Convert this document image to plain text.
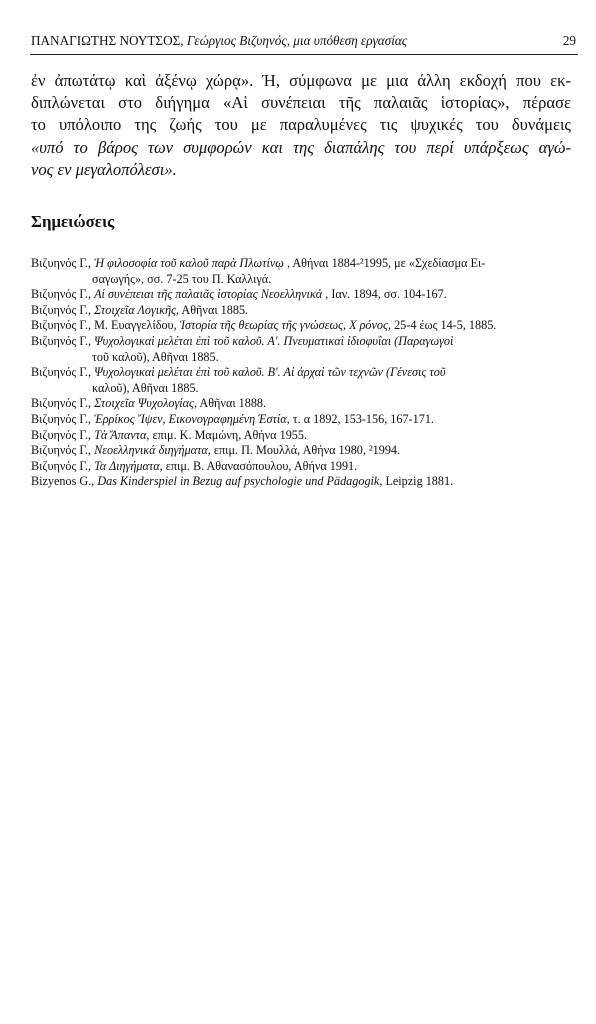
ΠΑΝΑΓΙΩΤΗΣ ΝΟΥΤΣΟΣ, Γεώργιος Βιζυηνός, μια υπόθεση εργασίας	29
ἐν ἀπωτάτῳ καὶ ἀξένῳ χώρᾳ». Ή, σύμφωνα με μια άλλη εκδοχή που εκ-
διπλώνεται στο διήγημα «Αἱ συνέπειαι τῆς παλαιᾶς ἱστορίας», πέρασε
το υπόλοιπο της ζωής του με παραλυμένες τις ψυχικές του δυνάμεις
«υπό το βάρος των συμφορών και της διαπάλης του περί υπάρξεως αγώ-
νος εν μεγαλοπόλεσι».
Σημειώσεις
Βιζυηνός Γ., Ἡ φιλοσοφία τοῦ καλοῦ παρὰ Πλωτίνῳ , Αθήναι 1884-²1995, με «Σχεδίασμα Ει-
σαγωγής», σσ. 7-25 του Π. Καλλιγά.
Βιζυηνός Γ., Αἱ συνέπειαι τῆς παλαιᾶς ἱστορίας Νεοελληνικά , Ιαν. 1894, σσ. 104-167.
Βιζυηνός Γ., Στοιχεῖα Λογικῆς, Αθῆναι 1885.
Βιζυηνός Γ., Μ. Ευαγγελίδου, Ἱστορία τῆς θεωρίας τῆς γνώσεως, Χ ρόνος, 25-4 έως 14-5, 1885.
Βιζυηνός Γ., Ψυχολογικαὶ μελέται ἐπὶ τοῦ καλοῦ. Α'. Πνευματικαὶ ἰδιοφυΐαι (Παραγωγοὶ
τοῦ καλοῦ), Αθῆναι 1885.
Βιζυηνός Γ., Ψυχολογικαὶ μελέται ἐπὶ τοῦ καλοῦ. Β'. Αἱ ἀρχαὶ τῶν τεχνῶν (Γένεσις τοῦ
καλοῦ), Αθῆναι 1885.
Βιζυηνός Γ., Στοιχεῖα Ψυχολογίας, Αθῆναι 1888.
Βιζυηνός Γ., Ἑρρίκος Ἴψεν, Εικονογραφημένη Έστία, τ. α 1892, 153-156, 167-171.
Βιζυηνός Γ., Τὰ Ἄπαντα, επιμ. Κ. Μαμώνη, Αθήνα 1955.
Βιζυηνός Γ., Νεοελληνικά διηγήματα, επιμ. Π. Μουλλά, Αθήνα 1980, ²1994.
Βιζυηνός Γ., Τα Διηγήματα, επιμ. Β. Αθανασόπουλου, Αθήνα 1991.
Bizyenos G., Das Kinderspiel in Bezug auf psychologie und Pädagogik, Leipzig 1881.
